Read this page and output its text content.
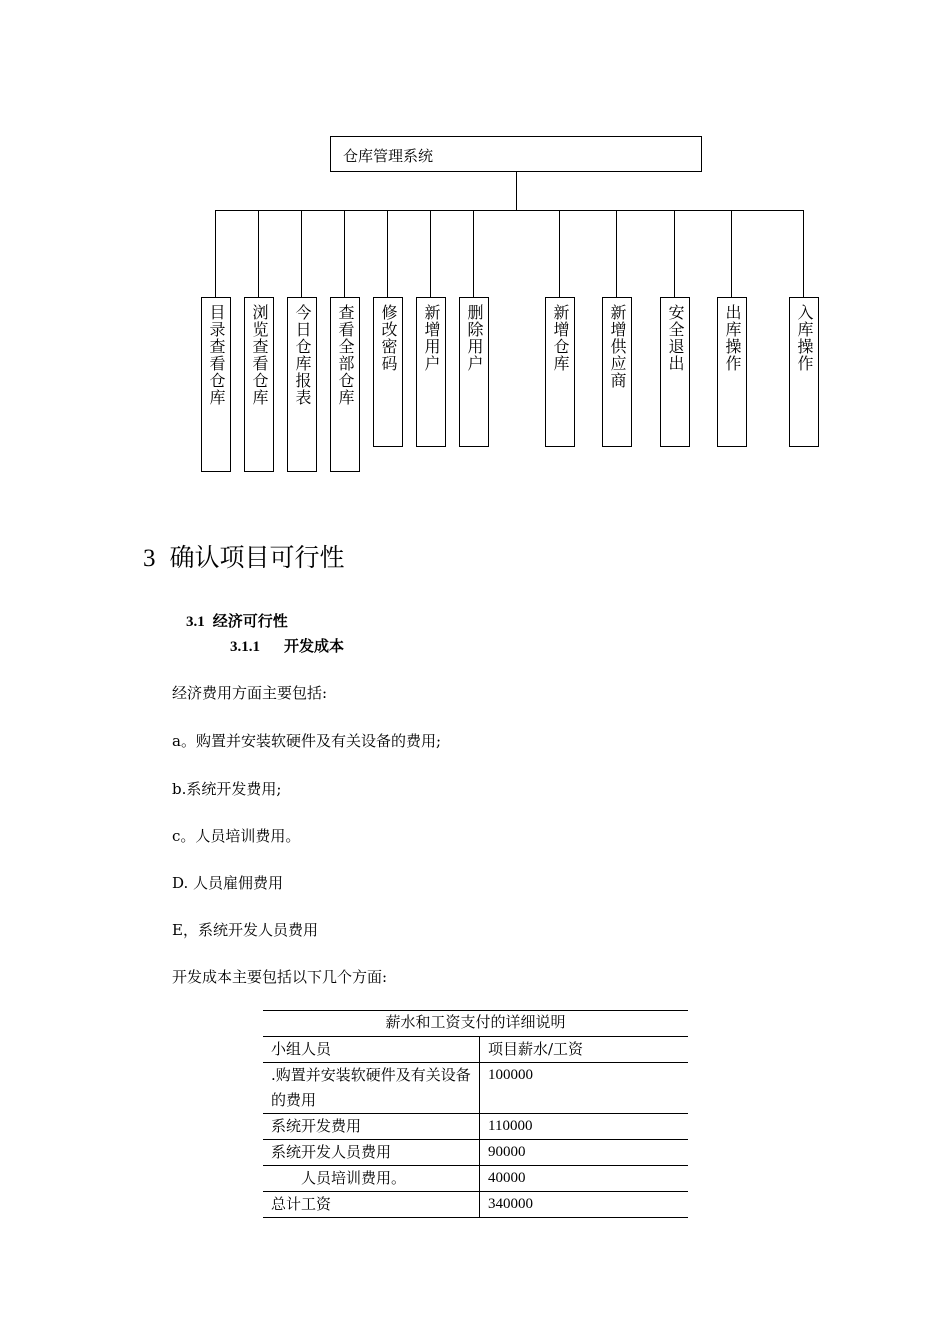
仓库管理系统
目录查看仓库	浏览查看仓库	今日仓库报表	查看全部仓库	修改密码	新增用户	删除用户	新增仓库	新增供应商	安全退出	出库操作	入库操作
3 确认项目可行性
3.1 经济可行性
3.1.1 开发成本
经济费用方面主要包括:
a。购置并安装软硬件及有关设备的费用;
b.系统开发费用;
c。人员培训费用。
D. 人员雇佣费用
E，系统开发人员费用
开发成本主要包括以下几个方面:
薪水和工资支付的详细说明	
小组人员	项目薪水/工资
.购置并安装软硬件及有关设备的费用	100000
系统开发费用	110000
系统开发人员费用	90000
人员培训费用。	40000
总计工资	340000
